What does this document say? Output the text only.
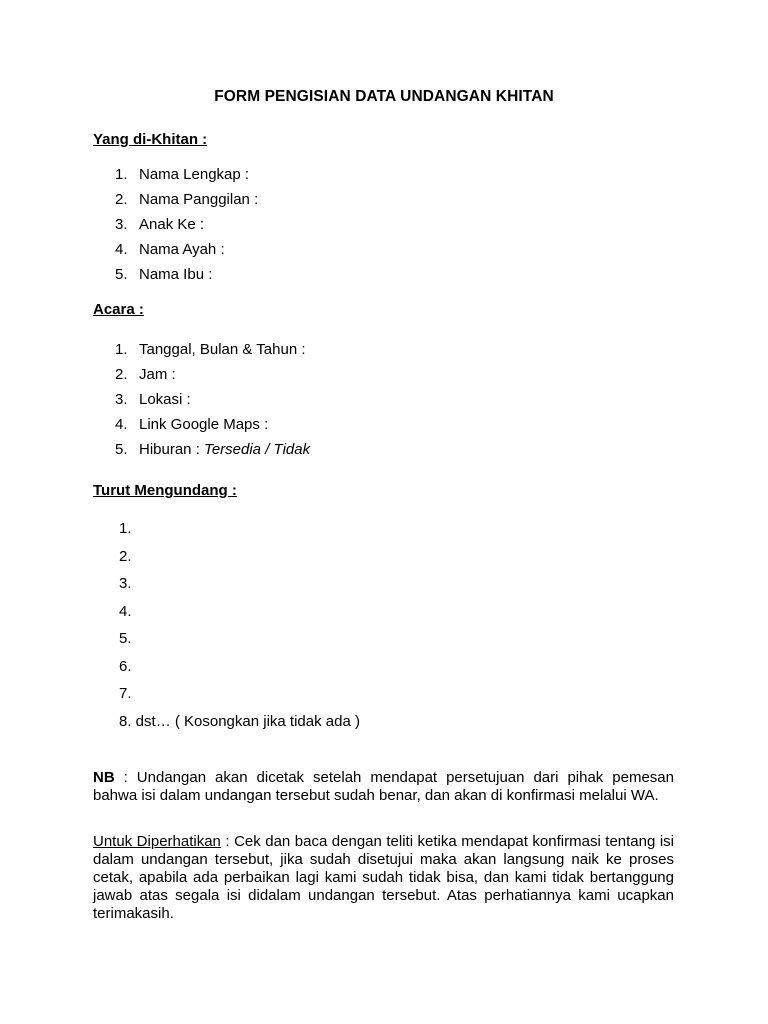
FORM PENGISIAN DATA UNDANGAN KHITAN
Yang di-Khitan :
1. Nama Lengkap :
2. Nama Panggilan :
3. Anak Ke :
4. Nama Ayah :
5. Nama Ibu :
Acara :
1. Tanggal, Bulan & Tahun :
2. Jam :
3. Lokasi :
4. Link Google Maps :
5. Hiburan : Tersedia / Tidak
Turut Mengundang :
1.
2.
3.
4.
5.
6.
7.
8. dst… ( Kosongkan jika tidak ada )

NB : Undangan akan dicetak setelah mendapat persetujuan dari pihak pemesan bahwa isi dalam undangan tersebut sudah benar, dan akan di konfirmasi melalui WA.

Untuk Diperhatikan : Cek dan baca dengan teliti ketika mendapat konfirmasi tentang isi dalam undangan tersebut, jika sudah disetujui maka akan langsung naik ke proses cetak, apabila ada perbaikan lagi kami sudah tidak bisa, dan kami tidak bertanggung jawab atas segala isi didalam undangan tersebut. Atas perhatiannya kami ucapkan terimakasih.
